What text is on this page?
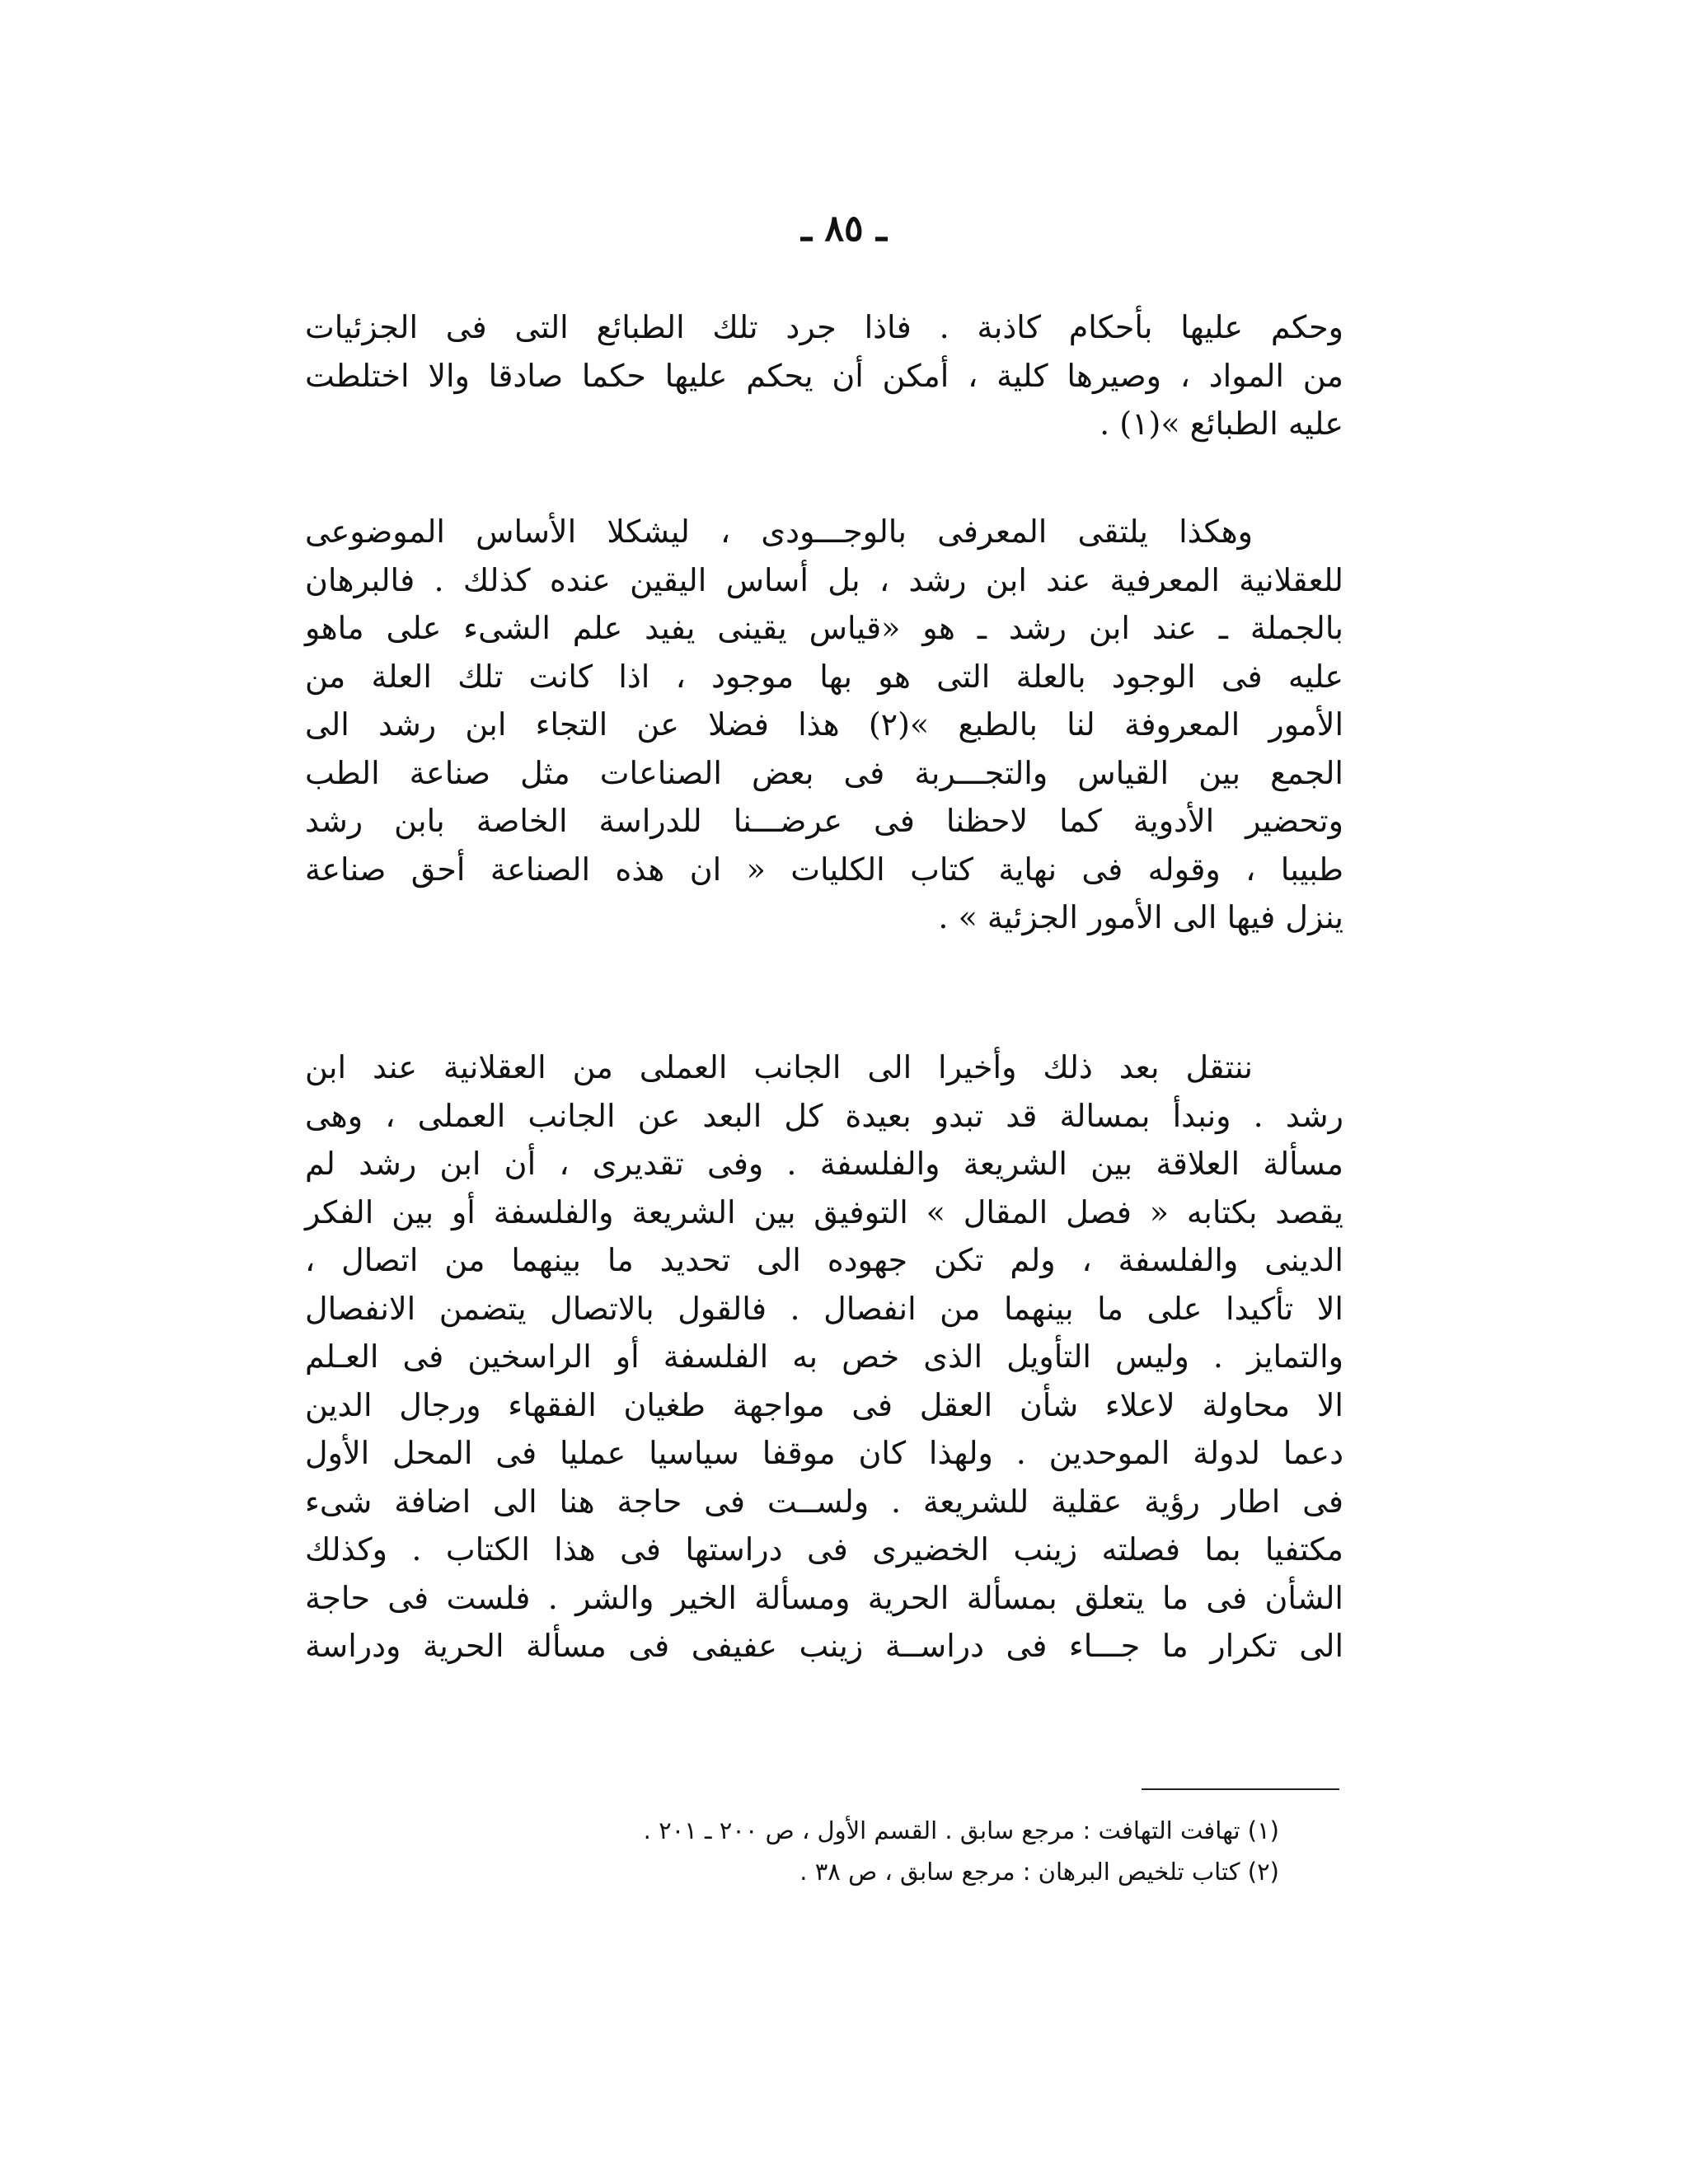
ـ ٨٥ ـ
وحكم عليها بأحكام كاذبة . فاذا جرد تلك الطبائع التى فى الجزئيات
من المواد ، وصيرها كلية ، أمكن أن يحكم عليها حكما صادقا والا اختلطت
عليه الطبائع »(١) .
وهكذا يلتقى المعرفى بالوجـــودى ، ليشكلا الأساس الموضوعى
للعقلانية المعرفية عند ابن رشد ، بل أساس اليقين عنده كذلك . فالبرهان
بالجملة ـ عند ابن رشد ـ هو «قياس يقينى يفيد علم الشىء على ماهو
عليه فى الوجود بالعلة التى هو بها موجود ، اذا كانت تلك العلة من
الأمور المعروفة لنا بالطبع »(٢) هذا فضلا عن التجاء ابن رشد الى
الجمع بين القياس والتجـــربة فى بعض الصناعات مثل صناعة الطب
وتحضير الأدوية كما لاحظنا فى عرضـــنا للدراسة الخاصة بابن رشد
طبيبا ، وقوله فى نهاية كتاب الكليات « ان هذه الصناعة أحق صناعة
ينزل فيها الى الأمور الجزئية » .
ننتقل بعد ذلك وأخيرا الى الجانب العملى من العقلانية عند ابن
رشد . ونبدأ بمسالة قد تبدو بعيدة كل البعد عن الجانب العملى ، وهى
مسألة العلاقة بين الشريعة والفلسفة . وفى تقديرى ، أن ابن رشد لم
يقصد بكتابه « فصل المقال » التوفيق بين الشريعة والفلسفة أو بين الفكر
الدينى والفلسفة ، ولم تكن جهوده الى تحديد ما بينهما من اتصال ،
الا تأكيدا على ما بينهما من انفصال . فالقول بالاتصال يتضمن الانفصال
والتمايز . وليس التأويل الذى خص به الفلسفة أو الراسخين فى العـلم
الا محاولة لاعلاء شأن العقل فى مواجهة طغيان الفقهاء ورجال الدين
دعما لدولة الموحدين . ولهذا كان موقفا سياسيا عمليا فى المحل الأول
فى اطار رؤية عقلية للشريعة . ولســت فى حاجة هنا الى اضافة شىء
مكتفيا بما فصلته زينب الخضيرى فى دراستها فى هذا الكتاب . وكذلك
الشأن فى ما يتعلق بمسألة الحرية ومسألة الخير والشر . فلست فى حاجة
الى تكرار ما جـــاء فى دراســة زينب عفيفى فى مسألة الحرية ودراسة
(١) تهافت التهافت : مرجع سابق . القسم الأول ، ص ٢٠٠ ـ ٢٠١ .
(٢) كتاب تلخيص البرهان : مرجع سابق ، ص ٣٨ .
